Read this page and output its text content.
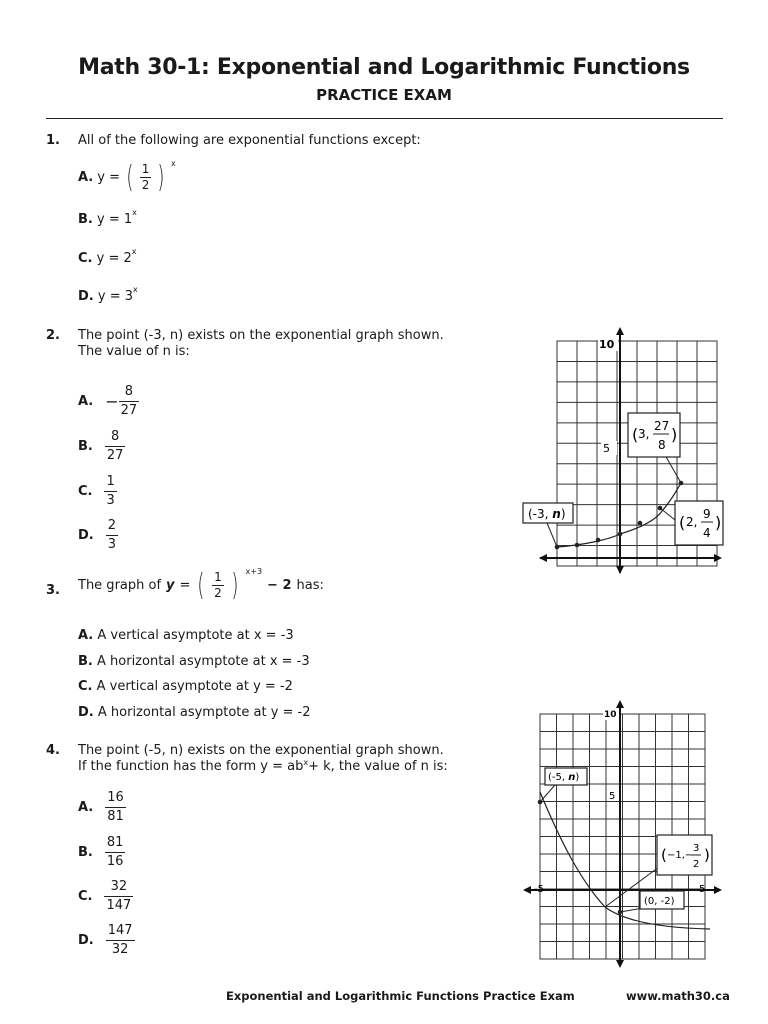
Math 30-1: Exponential and Logarithmic Functions
PRACTICE EXAM
1. All of the following are exponential functions except:
A. y = ( $\frac{1}{2}$ ) x
B. $y = 1^x$
C. $y = 2^x$
D. $y = 3^x$
2. The point (-3, n) exists on the exponential graph shown.
The value of n is:
A. − $\frac{8}{27}$
B.
8
27
C.
1
3
D.
2
3
10
5
(-3, n)
( 3,
27
8
)
( 2,
9
4
)
3. The graph of y = ( $\frac{1}{2}$ ) x+3
− 2 has:
A. A vertical asymptote at x = -3
B. A horizontal asymptote at x = -3
C. A vertical asymptote at y = -2
D. A horizontal asymptote at y = -2
4. The point (-5, n) exists on the exponential graph shown.
If the function has the form $y = ab^x+ k$, the value of n is:
A.
16
81
B.
81
16
C.
32
147
D.
147
32
10
5
-5	5
(-5, n)
( −1,−
3
2
)
(0, -2)
Exponential and Logarithmic Functions Practice Exam	www.math30.ca
